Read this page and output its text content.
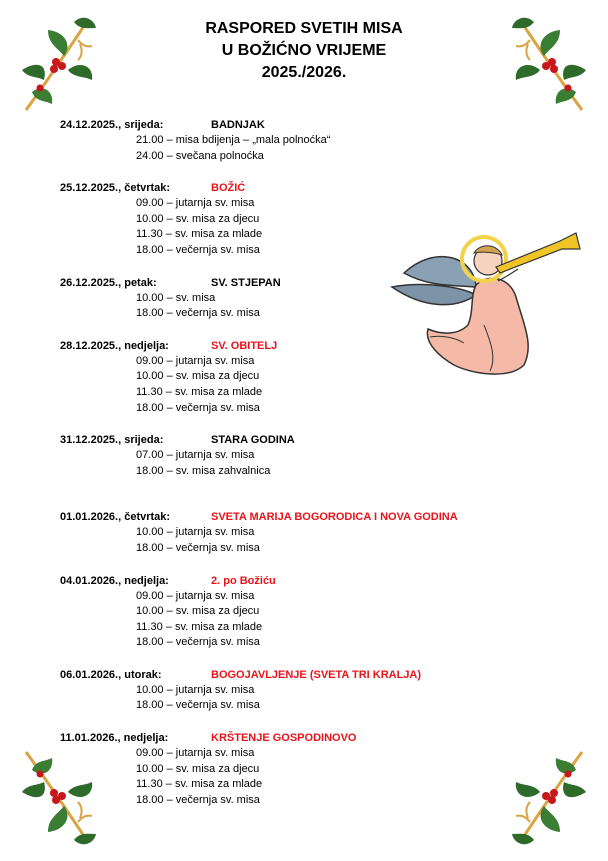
RASPORED SVETIH MISA
U BOŽIĆNO VRIJEME
2025./2026.
24.12.2025., srijeda:	BADNJAK
21.00 – misa bdijenja – „mala polnoćka“
24.00 – svečana polnoćka
25.12.2025., četvrtak:	BOŽIĆ
09.00 – jutarnja sv. misa
10.00 – sv. misa za djecu
11.30 – sv. misa za mlade
18.00 – večernja sv. misa
26.12.2025., petak:	SV. STJEPAN
10.00 – sv. misa
18.00 – večernja sv. misa
28.12.2025., nedjelja:	SV. OBITELJ
09.00 – jutarnja sv. misa
10.00 – sv. misa za djecu
11.30 – sv. misa za mlade
18.00 – večernja sv. misa
31.12.2025., srijeda:	STARA GODINA
07.00 – jutarnja sv. misa
18.00 – sv. misa zahvalnica
01.01.2026., četvrtak:	SVETA MARIJA BOGORODICA I NOVA GODINA
10.00 – jutarnja sv. misa
18.00 – večernja sv. misa
04.01.2026., nedjelja:	2. po Božiću
09.00 – jutarnja sv. misa
10.00 – sv. misa za djecu
11.30 – sv. misa za mlade
18.00 – večernja sv. misa
06.01.2026., utorak:	BOGOJAVLJENJE (SVETA TRI KRALJA)
10.00 – jutarnja sv. misa
18.00 – večernja sv. misa
11.01.2026., nedjelja:	KRŠTENJE GOSPODINOVO
09.00 – jutarnja sv. misa
10.00 – sv. misa za djecu
11.30 – sv. misa za mlade
18.00 – večernja sv. misa
